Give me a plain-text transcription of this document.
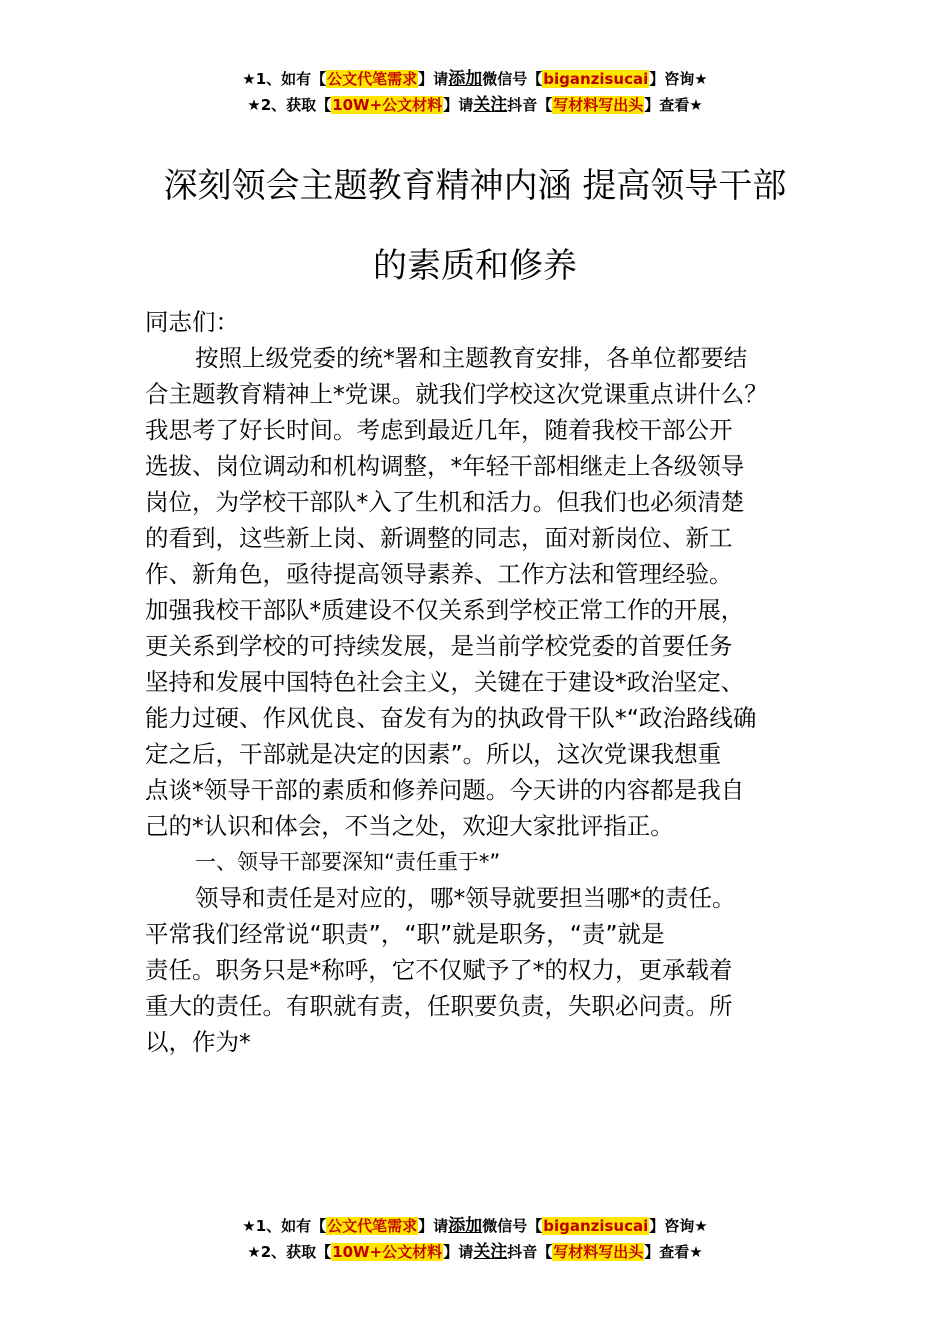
★1、如有【公文代笔需求】请添加微信号【biganzisucai】咨询★
★2、获取【10W+公文材料】请关注抖音【写材料写出头】查看★
深刻领会主题教育精神内涵 提高领导干部
的素质和修养

同志们：

按照上级党委的统*署和主题教育安排，各单位都要结

合主题教育精神上*党课。就我们学校这次党课重点讲什么？

我思考了好长时间。考虑到最近几年，随着我校干部公开

选拔、岗位调动和机构调整，*年轻干部相继走上各级领导

岗位，为学校干部队*入了生机和活力。但我们也必须清楚

的看到，这些新上岗、新调整的同志，面对新岗位、新工

作、新角色，亟待提高领导素养、工作方法和管理经验。

加强我校干部队*质建设不仅关系到学校正常工作的开展，

更关系到学校的可持续发展，是当前学校党委的首要任务

坚持和发展中国特色社会主义，关键在于建设*政治坚定、

能力过硬、作风优良、奋发有为的执政骨干队*“政治路线确

定之后，干部就是决定的因素”。所以，这次党课我想重

点谈*领导干部的素质和修养问题。今天讲的内容都是我自

己的*认识和体会，不当之处，欢迎大家批评指正。

一、领导干部要深知“责任重于*”

领导和责任是对应的，哪*领导就要担当哪*的责任。

平常我们经常说“职责”，“职”就是职务，“责”就是

责任。职务只是*称呼，它不仅赋予了*的权力，更承载着

重大的责任。有职就有责，任职要负责，失职必问责。所

以，作为*

★1、如有【公文代笔需求】请添加微信号【biganzisucai】咨询★
★2、获取【10W+公文材料】请关注抖音【写材料写出头】查看★
